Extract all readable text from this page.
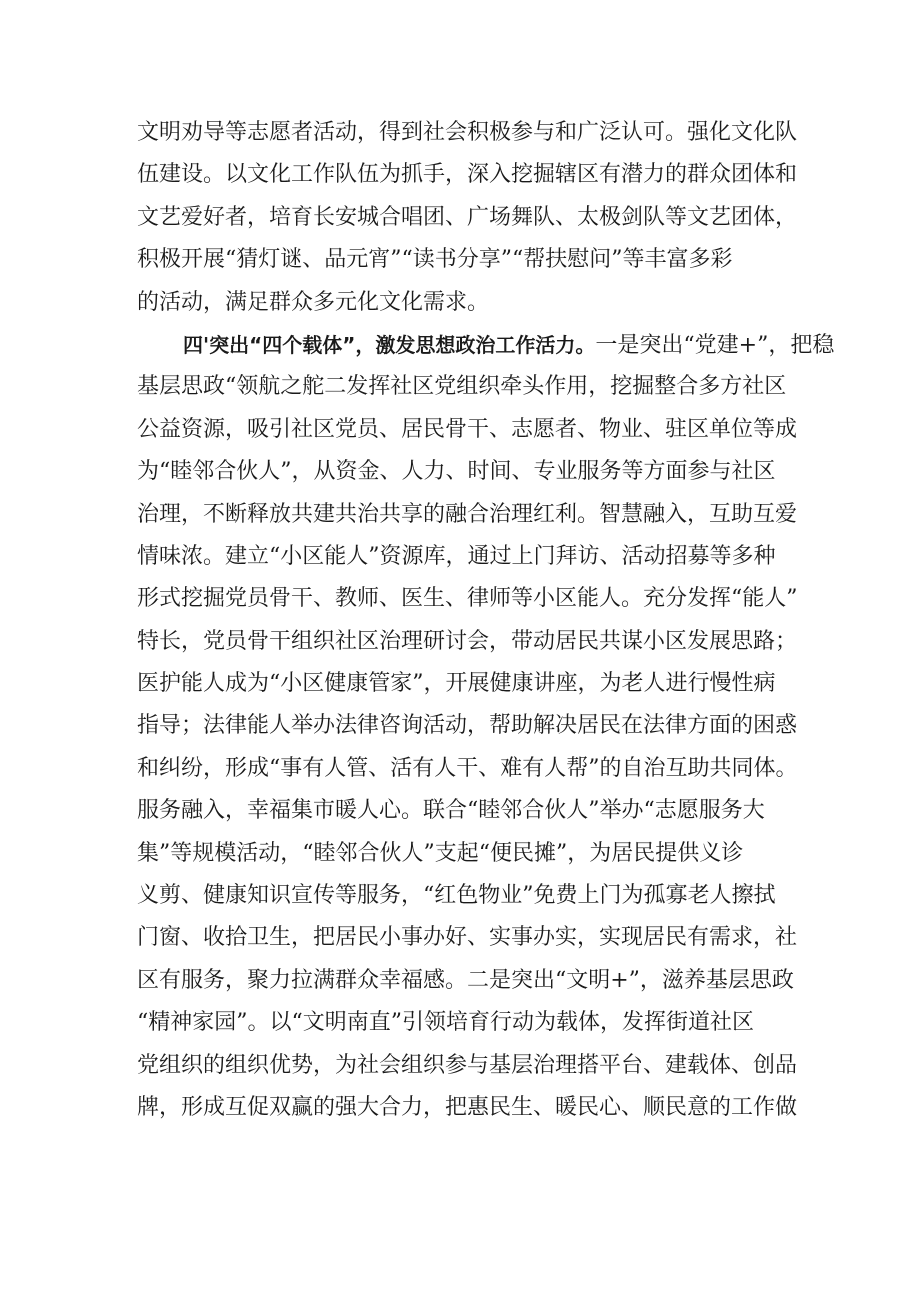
文明劝导等志愿者活动，得到社会积极参与和广泛认可。强化文化队
伍建设。以文化工作队伍为抓手，深入挖掘辖区有潜力的群众团体和
文艺爱好者，培育长安城合唱团、广场舞队、太极剑队等文艺团体，
积极开展“猜灯谜、品元宵”“读书分享”“帮扶慰问”等丰富多彩
的活动，满足群众多元化文化需求。
四'突出“四个载体”，激发思想政治工作活力。一是突出“党建+”，把稳
基层思政“领航之舵二发挥社区党组织牵头作用，挖掘整合多方社区
公益资源，吸引社区党员、居民骨干、志愿者、物业、驻区单位等成
为“睦邻合伙人”，从资金、人力、时间、专业服务等方面参与社区
治理，不断释放共建共治共享的融合治理红利。智慧融入，互助互爱
情味浓。建立“小区能人”资源库，通过上门拜访、活动招募等多种
形式挖掘党员骨干、教师、医生、律师等小区能人。充分发挥“能人”
特长，党员骨干组织社区治理研讨会，带动居民共谋小区发展思路；
医护能人成为“小区健康管家”，开展健康讲座，为老人进行慢性病
指导；法律能人举办法律咨询活动，帮助解决居民在法律方面的困惑
和纠纷，形成“事有人管、活有人干、难有人帮”的自治互助共同体。
服务融入，幸福集市暖人心。联合“睦邻合伙人”举办“志愿服务大
集”等规模活动，“睦邻合伙人”支起“便民摊”，为居民提供义诊
义剪、健康知识宣传等服务，“红色物业”免费上门为孤寡老人擦拭
门窗、收拾卫生，把居民小事办好、实事办实，实现居民有需求，社
区有服务，聚力拉满群众幸福感。二是突出“文明+”，滋养基层思政
“精神家园”。以“文明南直”引领培育行动为载体，发挥街道社区
党组织的组织优势，为社会组织参与基层治理搭平台、建载体、创品
牌，形成互促双赢的强大合力，把惠民生、暖民心、顺民意的工作做
